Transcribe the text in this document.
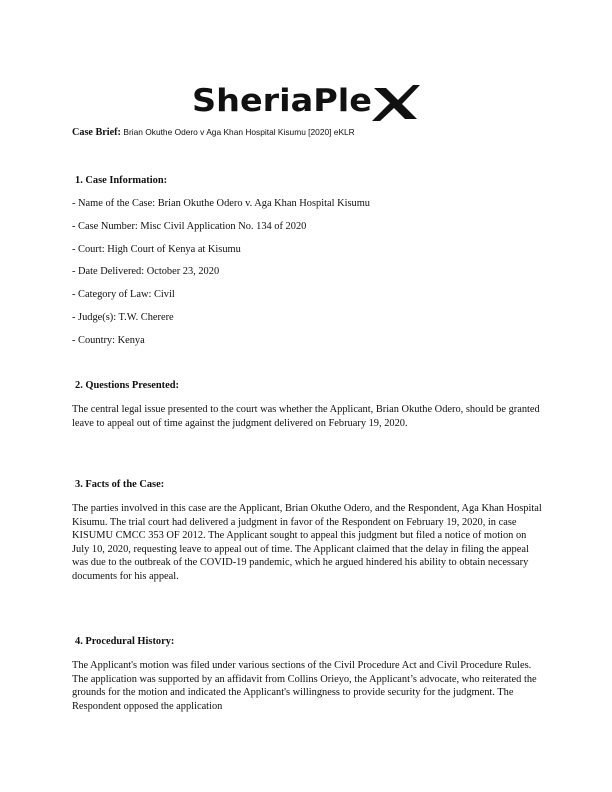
SheriaPle
Case Brief: Brian Okuthe Odero v Aga Khan Hospital Kisumu [2020] eKLR
1. Case Information:
- Name of the Case: Brian Okuthe Odero v. Aga Khan Hospital Kisumu
- Case Number: Misc Civil Application No. 134 of 2020
- Court: High Court of Kenya at Kisumu
- Date Delivered: October 23, 2020
- Category of Law: Civil
- Judge(s): T.W. Cherere
- Country: Kenya
2. Questions Presented:

The central legal issue presented to the court was whether the Applicant, Brian Okuthe Odero, should be granted leave to appeal out of time against the judgment delivered on February 19, 2020.

3. Facts of the Case:

The parties involved in this case are the Applicant, Brian Okuthe Odero, and the Respondent, Aga Khan Hospital Kisumu. The trial court had delivered a judgment in favor of the Respondent on February 19, 2020, in case KISUMU CMCC 353 OF 2012. The Applicant sought to appeal this judgment but filed a notice of motion on July 10, 2020, requesting leave to appeal out of time. The Applicant claimed that the delay in filing the appeal was due to the outbreak of the COVID-19 pandemic, which he argued hindered his ability to obtain necessary documents for his appeal.

4. Procedural History:

The Applicant's motion was filed under various sections of the Civil Procedure Act and Civil Procedure Rules. The application was supported by an affidavit from Collins Orieyo, the Applicant’s advocate, who reiterated the grounds for the motion and indicated the Applicant's willingness to provide security for the judgment. The Respondent opposed the application
